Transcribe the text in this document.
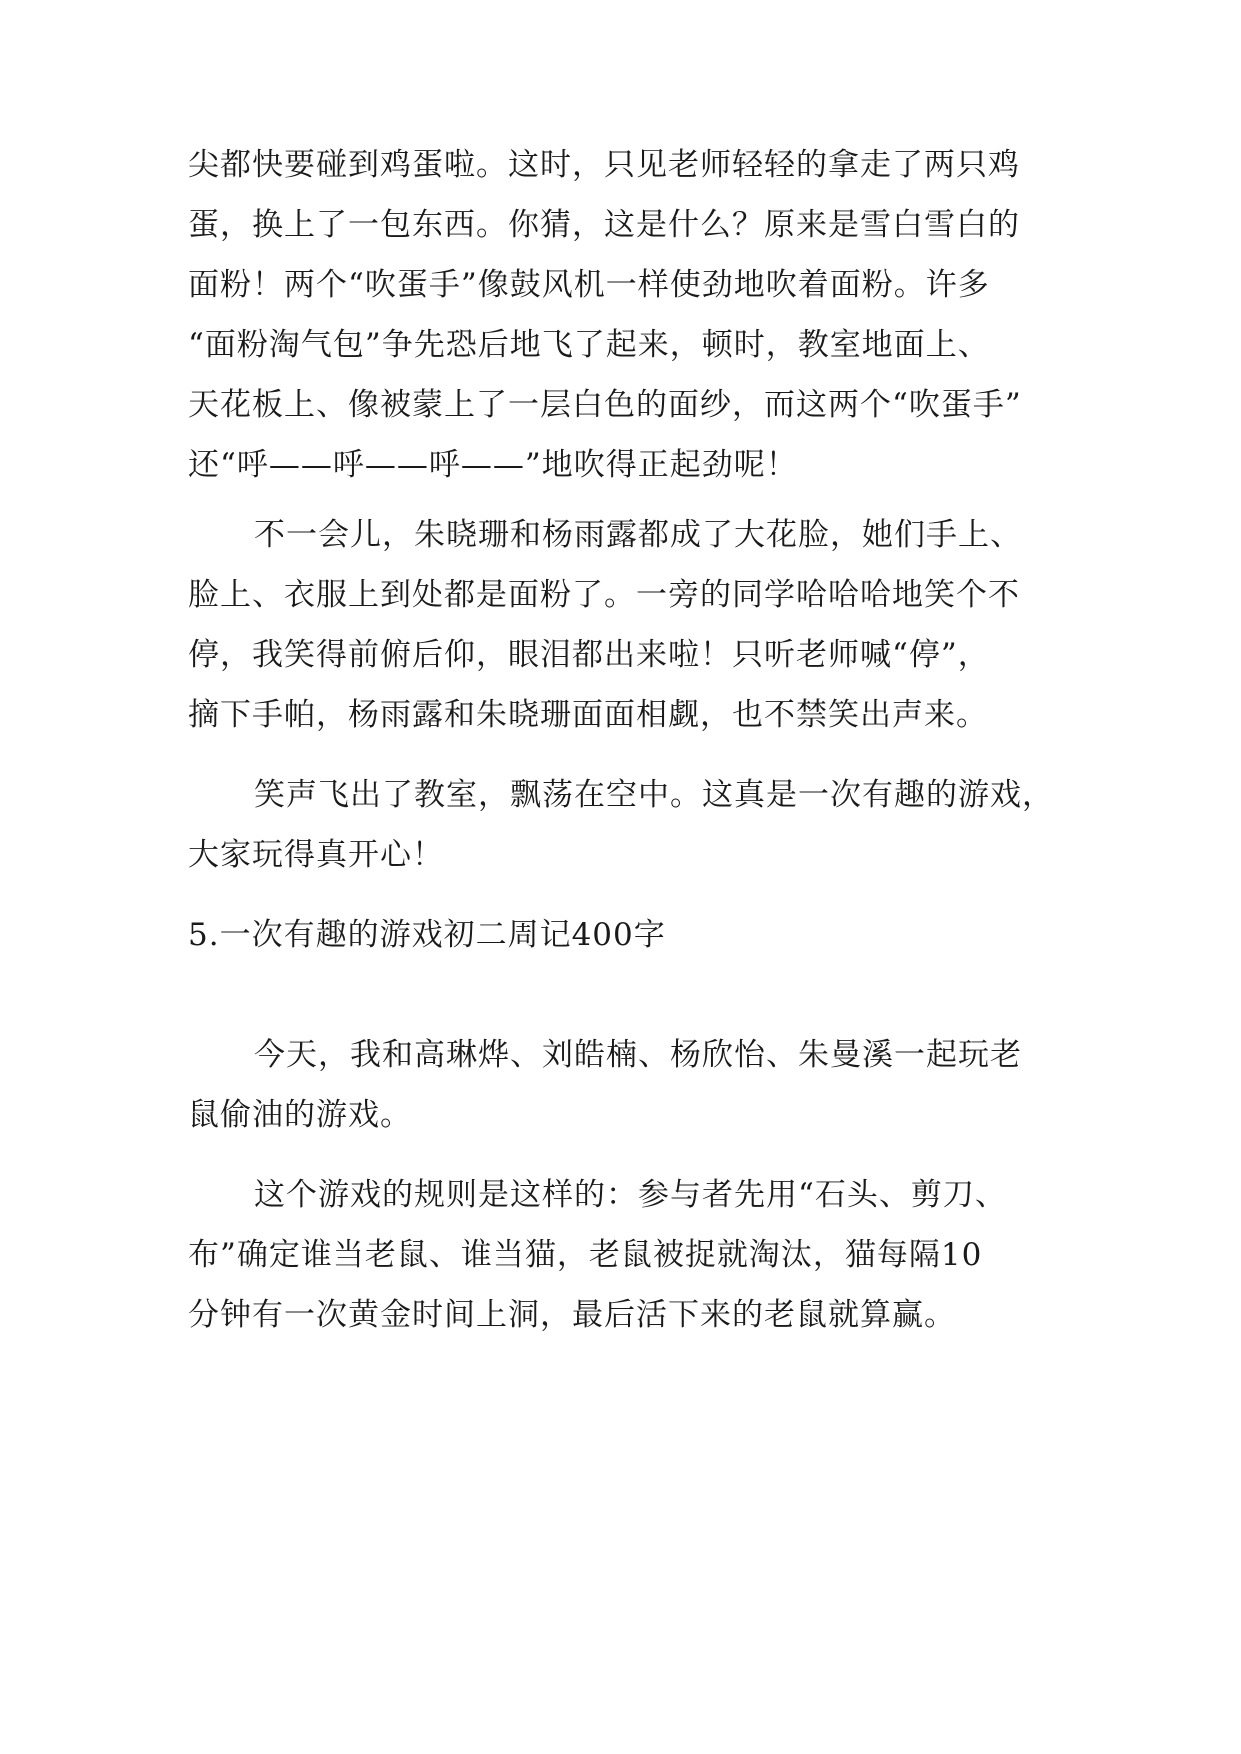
尖都快要碰到鸡蛋啦。这时，只见老师轻轻的拿走了两只鸡
蛋，换上了一包东西。你猜，这是什么？原来是雪白雪白的
面粉！两个“吹蛋手”像鼓风机一样使劲地吹着面粉。许多
“面粉淘气包”争先恐后地飞了起来，顿时，教室地面上、
天花板上、像被蒙上了一层白色的面纱，而这两个“吹蛋手”
还“呼——呼——呼——”地吹得正起劲呢！
不一会儿，朱晓珊和杨雨露都成了大花脸，她们手上、
脸上、衣服上到处都是面粉了。一旁的同学哈哈哈地笑个不
停，我笑得前俯后仰，眼泪都出来啦！只听老师喊“停”，
摘下手帕，杨雨露和朱晓珊面面相觑，也不禁笑出声来。
笑声飞出了教室，飘荡在空中。这真是一次有趣的游戏，
大家玩得真开心！
5.一次有趣的游戏初二周记400字
今天，我和高琳烨、刘皓楠、杨欣怡、朱曼溪一起玩老
鼠偷油的游戏。
这个游戏的规则是这样的：参与者先用“石头、剪刀、
布”确定谁当老鼠、谁当猫，老鼠被捉就淘汰，猫每隔10
分钟有一次黄金时间上洞，最后活下来的老鼠就算赢。
